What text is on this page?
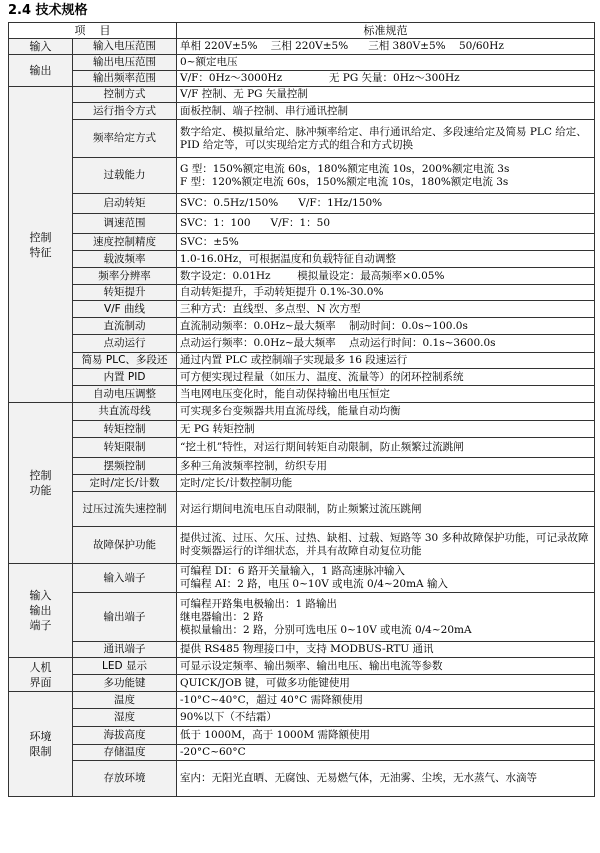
2.4 技术规格
项    目		标准规范
输入	输入电压范围	单相 220V±5%    三相 220V±5%      三相 380V±5%    50/60Hz

输出	输出电压范围	0~额定电压

	输出频率范围	V/F：0Hz～3000Hz              无 PG 矢量：0Hz～300Hz

控制
特征	控制方式	V/F 控制、无 PG 矢量控制

	运行指令方式	面板控制、端子控制、串行通讯控制

	频率给定方式	数字给定、模拟量给定、脉冲频率给定、串行通讯给定、多段速给定及简易 PLC 给定、PID 给定等，可以实现给定方式的组合和方式切换

	过载能力	G 型：150%额定电流 60s，180%额定电流 10s，200%额定电流 3s
F 型：120%额定电流 60s，150%额定电流 10s，180%额定电流 3s

	启动转矩	SVC：0.5Hz/150%      V/F：1Hz/150%

	调速范围	SVC：1：100      V/F：1：50

	速度控制精度	SVC：±5%

	载波频率	1.0-16.0Hz，可根据温度和负载特征自动调整

	频率分辨率	数字设定：0.01Hz        模拟量设定：最高频率×0.05%

	转矩提升	自动转矩提升，手动转矩提升 0.1%-30.0%

	V/F 曲线	三种方式：直线型、多点型、N 次方型

	直流制动	直流制动频率：0.0Hz~最大频率    制动时间：0.0s~100.0s

	点动运行	点动运行频率：0.0Hz~最大频率    点动运行时间：0.1s~3600.0s

	简易 PLC、多段还	通过内置 PLC 或控制端子实现最多 16 段速运行

	内置 PID	可方便实现过程量（如压力、温度、流量等）的闭环控制系统

	自动电压调整	当电网电压变化时，能自动保持输出电压恒定

控制
功能	共直流母线	可实现多台变频器共用直流母线，能量自动均衡

	转矩控制	无 PG 转矩控制

	转矩限制	“挖土机”特性，对运行期间转矩自动限制，防止频繁过流跳闸

	摆频控制	多种三角波频率控制，纺织专用

	定时/定长/计数	定时/定长/计数控制功能

	过压过流失速控制	对运行期间电流电压自动限制，防止频繁过流压跳闸

	故障保护功能	提供过流、过压、欠压、过热、缺相、过载、短路等 30 多种故障保护功能，可记录故障时变频器运行的详细状态，并具有故障自动复位功能

输入
输出
端子	输入端子	可编程 DI：6 路开关量输入，1 路高速脉冲输入
可编程 AI：2 路，电压 0~10V 或电流 0/4~20mA 输入

	输出端子	可编程开路集电极输出：1 路输出
继电器输出：2 路
模拟量输出：2 路，分别可选电压 0~10V 或电流 0/4~20mA

	通讯端子	提供 RS485 物理接口中，支持 MODBUS-RTU 通讯

人机
界面	LED 显示	可显示设定频率、输出频率、输出电压、输出电流等参数

	多功能键	QUICK/JOB 键，可做多功能键使用

环境
限制	温度	-10°C~40°C，超过 40°C 需降额使用

	湿度	90%以下（不结霜）

	海拔高度	低于 1000M，高于 1000M 需降额使用

	存储温度	-20°C~60°C

	存放环境	室内：无阳光直晒、无腐蚀、无易燃气体，无油雾、尘埃，无水蒸气、水滴等
